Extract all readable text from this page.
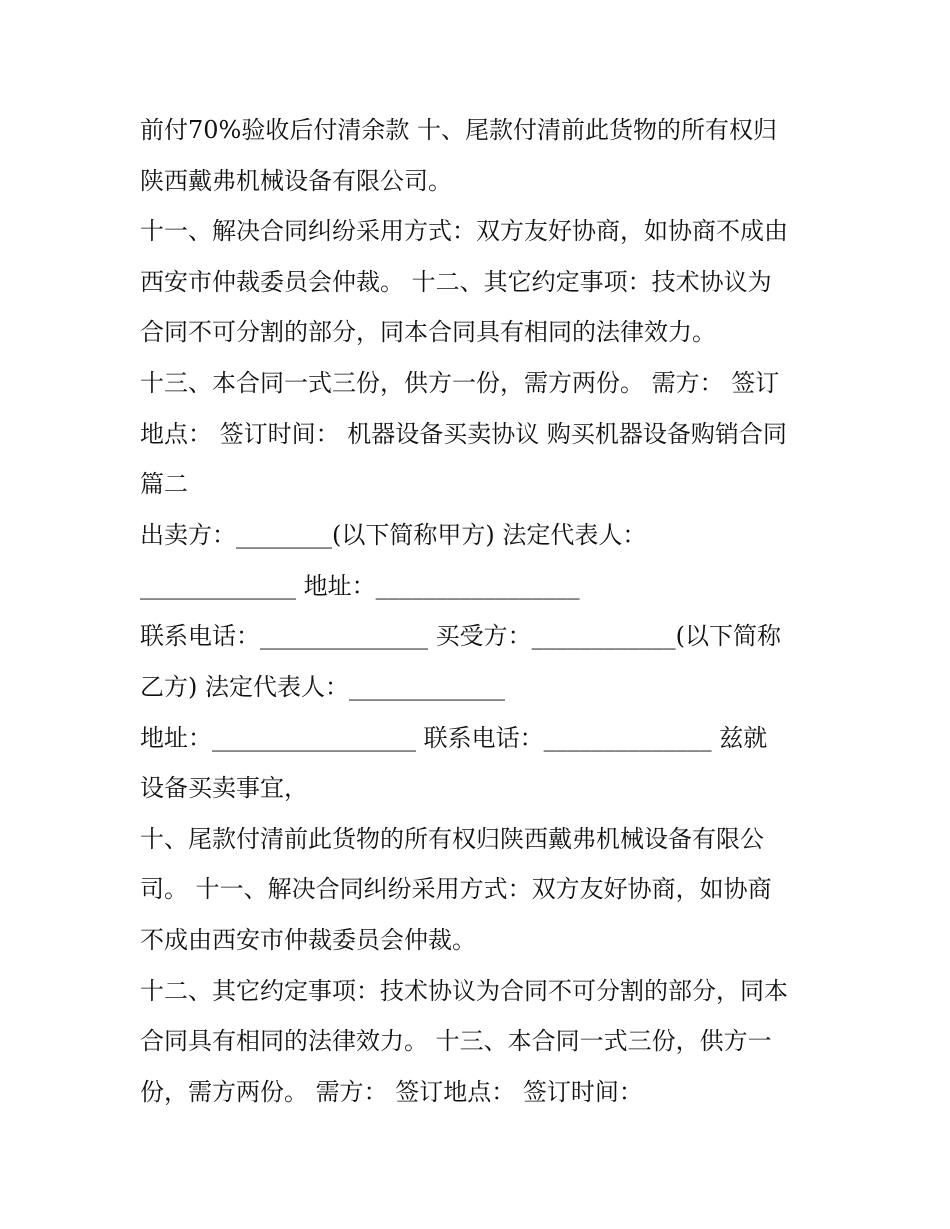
前付70%验收后付清余款 十、尾款付清前此货物的所有权归
陕西戴弗机械设备有限公司。
十一、解决合同纠纷采用方式：双方友好协商，如协商不成由
西安市仲裁委员会仲裁。 十二、其它约定事项：技术协议为
合同不可分割的部分，同本合同具有相同的法律效力。
十三、本合同一式三份，供方一份，需方两份。 需方： 签订
地点： 签订时间： 机器设备买卖协议 购买机器设备购销合同
篇二
出卖方：________(以下简称甲方) 法定代表人：
_____________ 地址：_________________
联系电话：______________ 买受方：____________(以下简称
乙方) 法定代表人：_____________
地址：_________________ 联系电话：______________ 兹就
设备买卖事宜，
十、尾款付清前此货物的所有权归陕西戴弗机械设备有限公
司。 十一、解决合同纠纷采用方式：双方友好协商，如协商
不成由西安市仲裁委员会仲裁。
十二、其它约定事项：技术协议为合同不可分割的部分，同本
合同具有相同的法律效力。 十三、本合同一式三份，供方一
份，需方两份。 需方： 签订地点： 签订时间：
